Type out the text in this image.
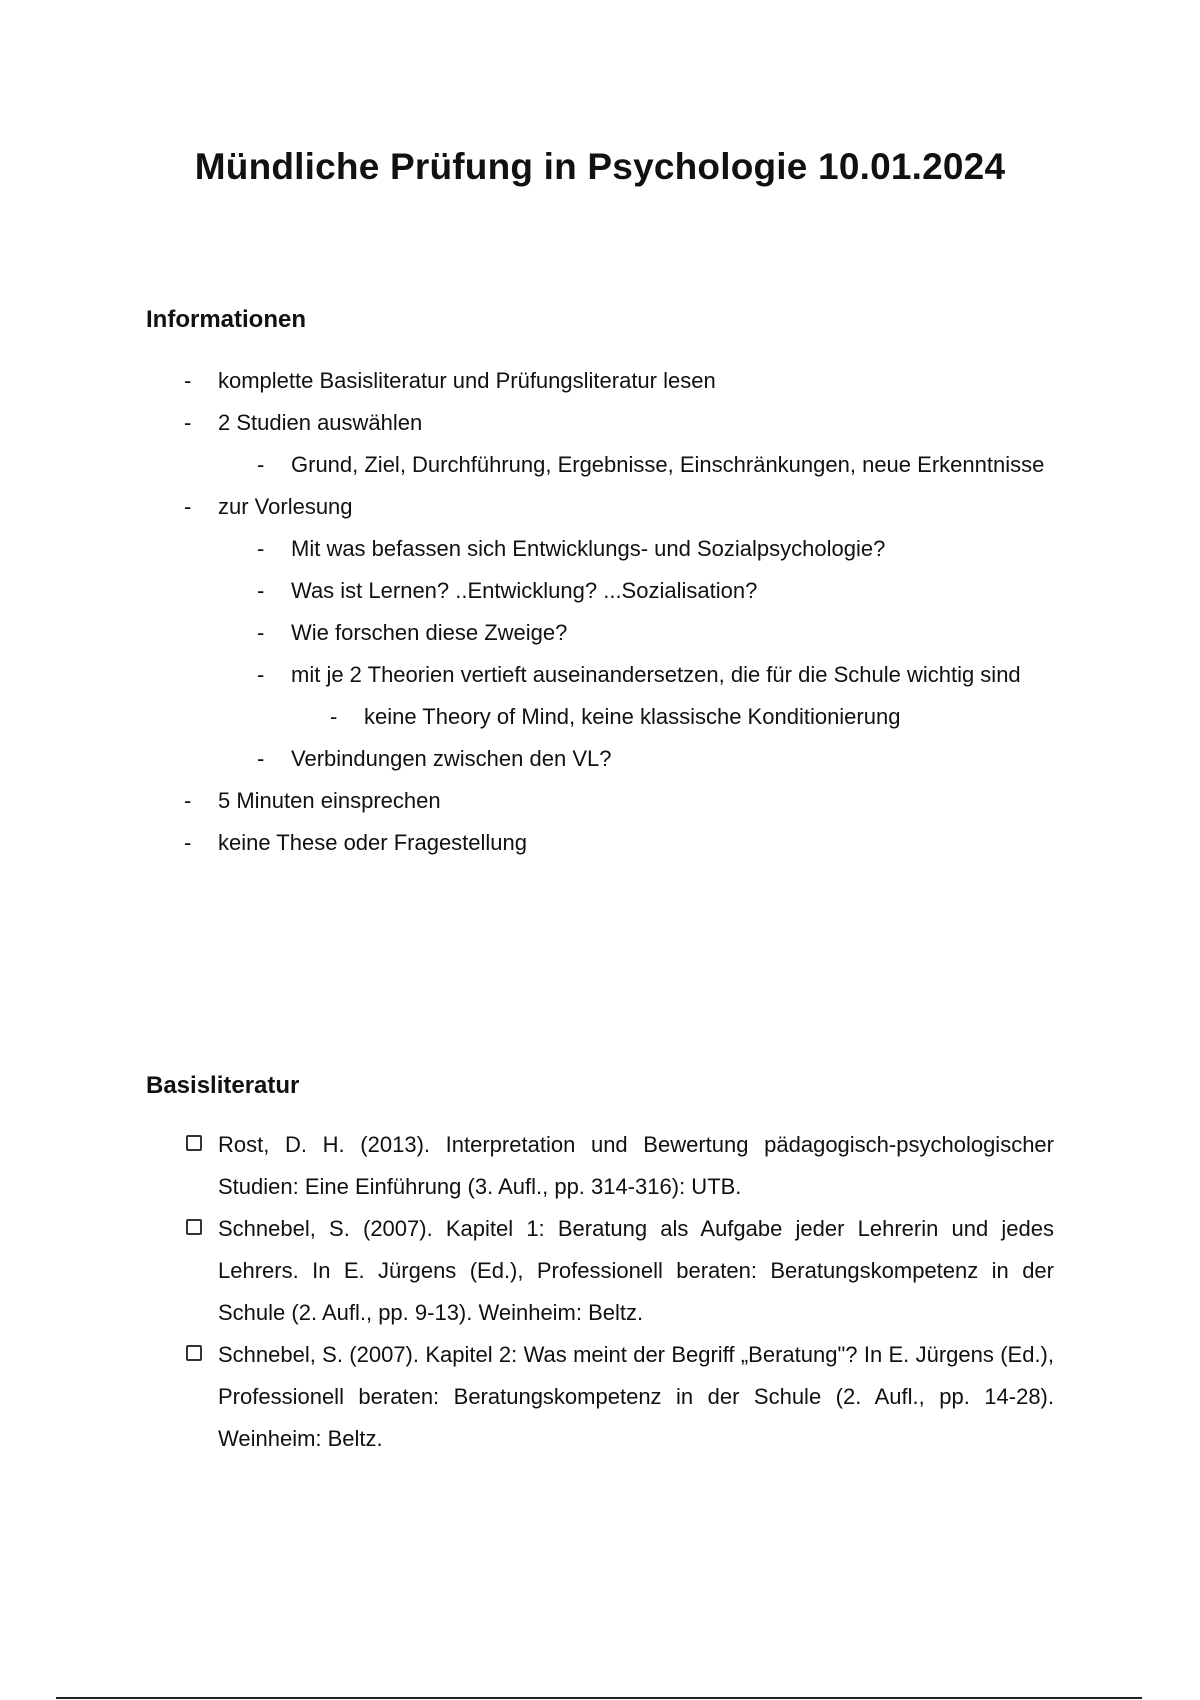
Mündliche Prüfung in Psychologie 10.01.2024
Informationen
- komplette Basisliteratur und Prüfungsliteratur lesen
- 2 Studien auswählen
- Grund, Ziel, Durchführung, Ergebnisse, Einschränkungen, neue Erkenntnisse
- zur Vorlesung
- Mit was befassen sich Entwicklungs- und Sozialpsychologie?
- Was ist Lernen? ..Entwicklung? ...Sozialisation?
- Wie forschen diese Zweige?
- mit je 2 Theorien vertieft auseinandersetzen, die für die Schule wichtig sind
- keine Theory of Mind, keine klassische Konditionierung
- Verbindungen zwischen den VL?
- 5 Minuten einsprechen
- keine These oder Fragestellung
Basisliteratur
Rost, D. H. (2013). Interpretation und Bewertung pädagogisch-psychologischer Studien: Eine Einführung (3. Aufl., pp. 314-316): UTB.
Schnebel, S. (2007). Kapitel 1: Beratung als Aufgabe jeder Lehrerin und jedes Lehrers. In E. Jürgens (Ed.), Professionell beraten: Beratungskompetenz in der Schule (2. Aufl., pp. 9-13). Weinheim: Beltz.
Schnebel, S. (2007). Kapitel 2: Was meint der Begriff „Beratung"? In E. Jürgens (Ed.), Professionell beraten: Beratungskompetenz in der Schule (2. Aufl., pp. 14-28). Weinheim: Beltz.
